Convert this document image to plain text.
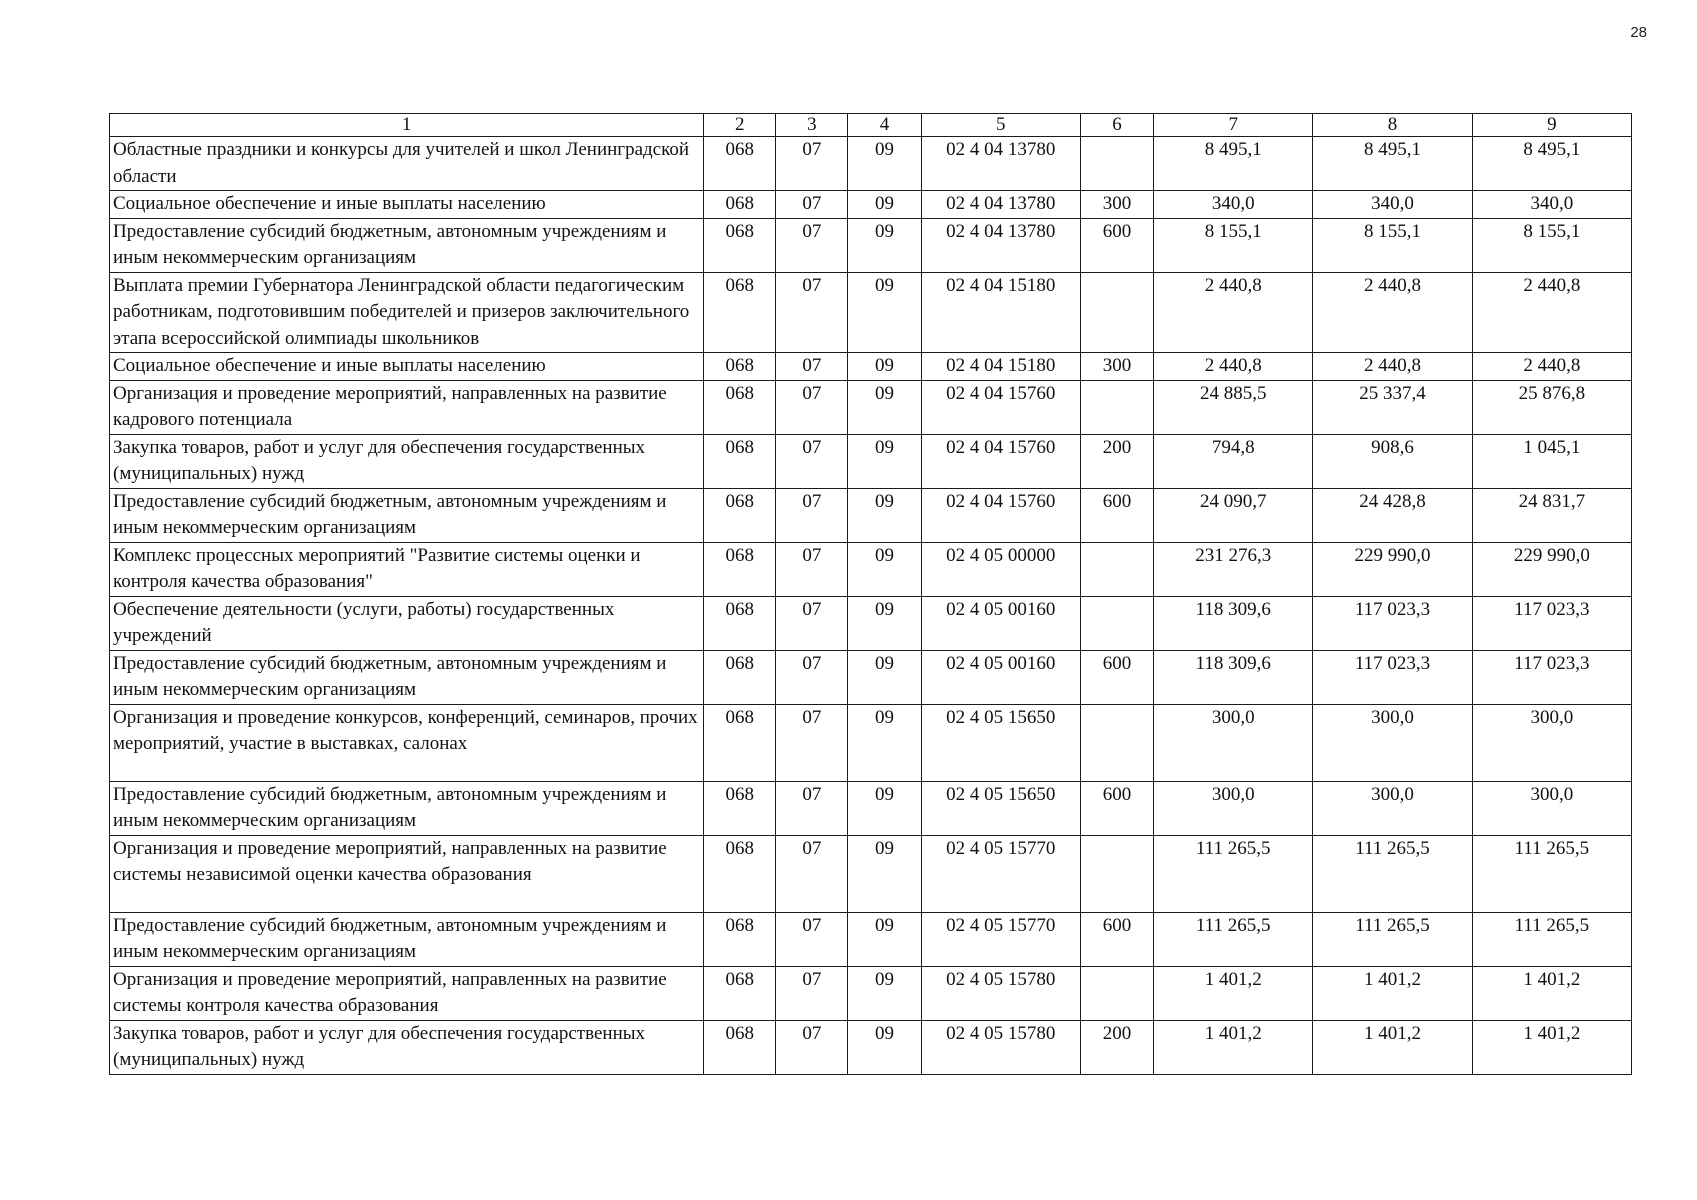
28
1	2	3	4	5	6	7	8	9
Областные праздники и конкурсы для учителей и школ Ленинградской области	068	07	09	02 4 04 13780		8 495,1	8 495,1	8 495,1
Социальное обеспечение и иные выплаты населению	068	07	09	02 4 04 13780	300	340,0	340,0	340,0
Предоставление субсидий бюджетным, автономным учреждениям и иным некоммерческим организациям	068	07	09	02 4 04 13780	600	8 155,1	8 155,1	8 155,1
Выплата премии Губернатора Ленинградской области педагогическим работникам, подготовившим победителей и призеров заключительного этапа всероссийской олимпиады школьников	068	07	09	02 4 04 15180		2 440,8	2 440,8	2 440,8
Социальное обеспечение и иные выплаты населению	068	07	09	02 4 04 15180	300	2 440,8	2 440,8	2 440,8
Организация и проведение мероприятий, направленных на развитие кадрового потенциала	068	07	09	02 4 04 15760		24 885,5	25 337,4	25 876,8
Закупка товаров, работ и услуг для обеспечения государственных (муниципальных) нужд	068	07	09	02 4 04 15760	200	794,8	908,6	1 045,1
Предоставление субсидий бюджетным, автономным учреждениям и иным некоммерческим организациям	068	07	09	02 4 04 15760	600	24 090,7	24 428,8	24 831,7
Комплекс процессных мероприятий "Развитие системы оценки и контроля качества образования"	068	07	09	02 4 05 00000		231 276,3	229 990,0	229 990,0
Обеспечение деятельности (услуги, работы) государственных учреждений	068	07	09	02 4 05 00160		118 309,6	117 023,3	117 023,3
Предоставление субсидий бюджетным, автономным учреждениям и иным некоммерческим организациям	068	07	09	02 4 05 00160	600	118 309,6	117 023,3	117 023,3
Организация и проведение конкурсов, конференций, семинаров, прочих мероприятий, участие в выставках, салонах	068	07	09	02 4 05 15650		300,0	300,0	300,0
Предоставление субсидий бюджетным, автономным учреждениям и иным некоммерческим организациям	068	07	09	02 4 05 15650	600	300,0	300,0	300,0
Организация и проведение мероприятий, направленных на развитие системы независимой оценки качества образования	068	07	09	02 4 05 15770		111 265,5	111 265,5	111 265,5
Предоставление субсидий бюджетным, автономным учреждениям и иным некоммерческим организациям	068	07	09	02 4 05 15770	600	111 265,5	111 265,5	111 265,5
Организация и проведение мероприятий, направленных на развитие системы контроля качества образования	068	07	09	02 4 05 15780		1 401,2	1 401,2	1 401,2
Закупка товаров, работ и услуг для обеспечения государственных (муниципальных) нужд	068	07	09	02 4 05 15780	200	1 401,2	1 401,2	1 401,2
